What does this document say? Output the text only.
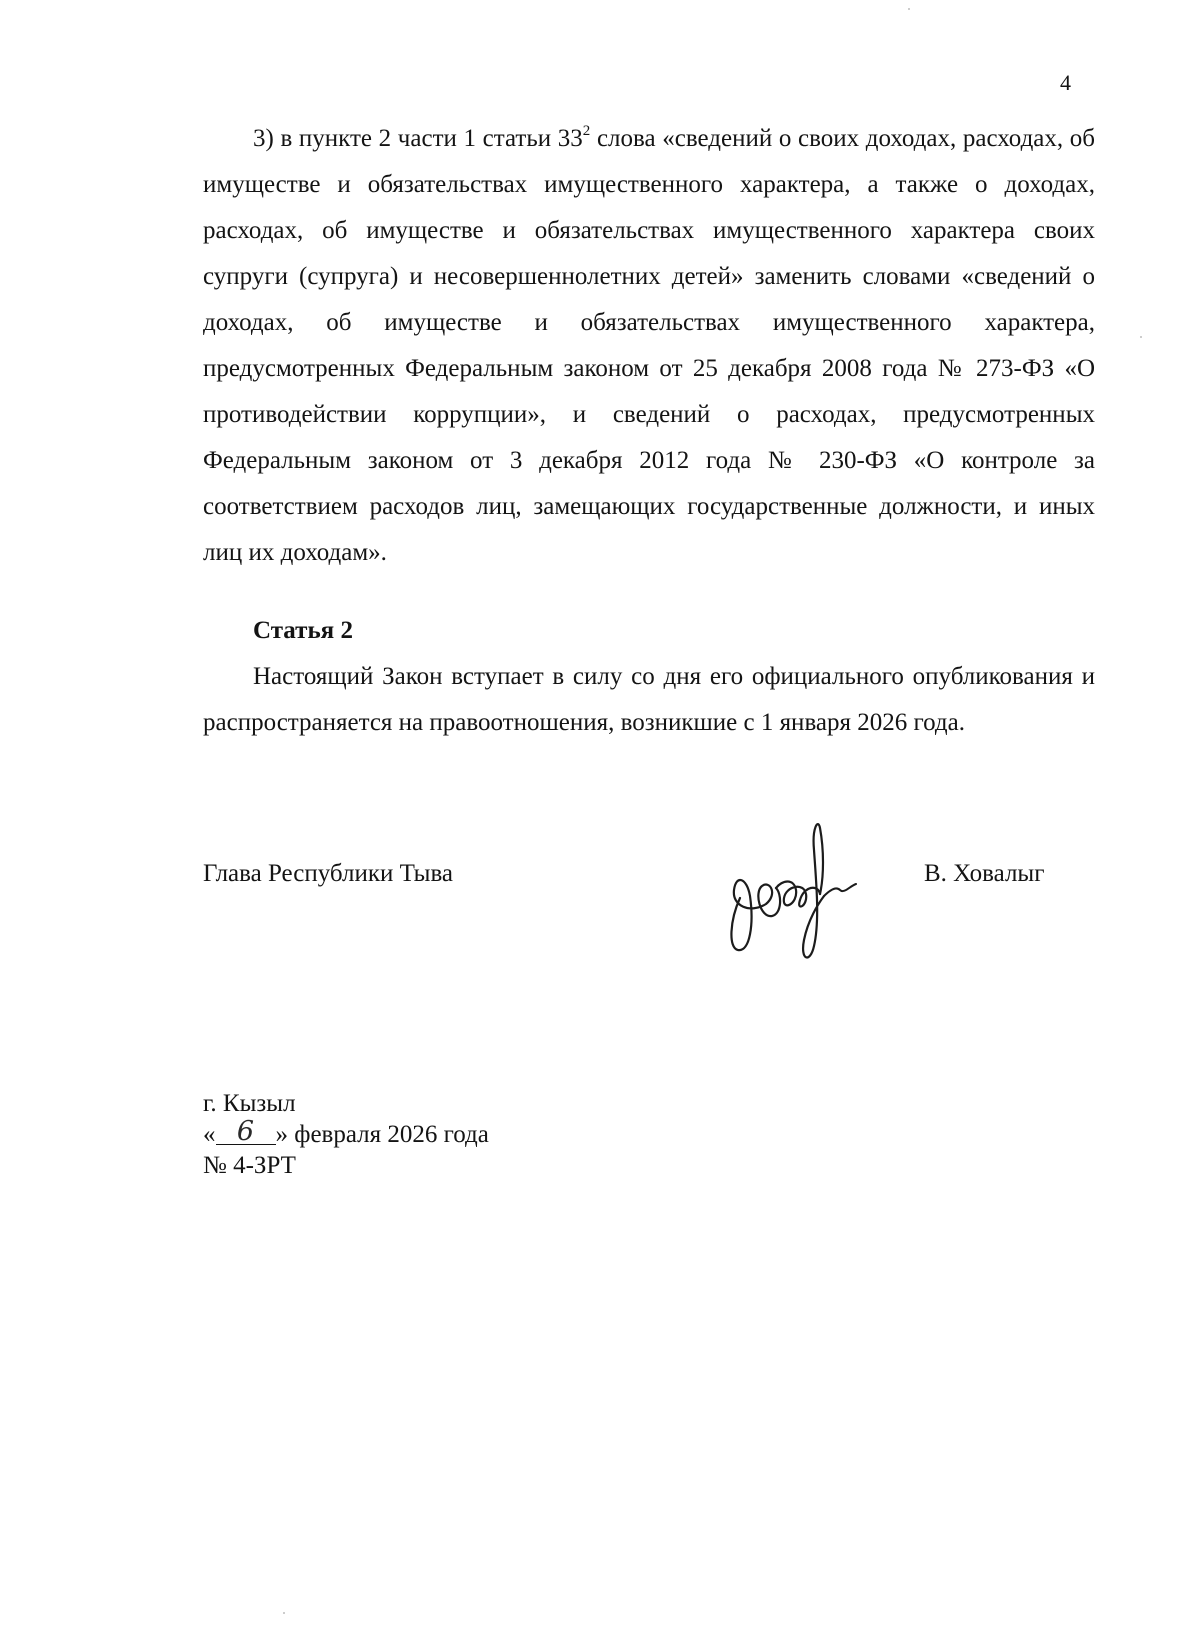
4

3) в пункте 2 части 1 статьи $33^2$ слова «сведений о своих доходах, расходах, об имуществе и обязательствах имущественного характера, а также о доходах, расходах, об имуществе и обязательствах имущественного характера своих супруги (супруга) и несовершеннолетних детей» заменить словами «сведений о доходах, об имуществе и обязательствах имущественного характера, предусмотренных Федеральным законом от 25 декабря 2008 года № 273-ФЗ «О противодействии коррупции», и сведений о расходах, предусмотренных Федеральным законом от 3 декабря 2012 года № 230-ФЗ «О контроле за соответствием расходов лиц, замещающих государственные должности, и иных лиц их доходам».

Статья 2

Настоящий Закон вступает в силу со дня его официального опубликования и распространяется на правоотношения, возникшие с 1 января 2026 года.

Глава Республики Тыва	В. Ховалыг
г. Кызыл
« 6 » февраля 2026 года
№ 4-ЗРТ
